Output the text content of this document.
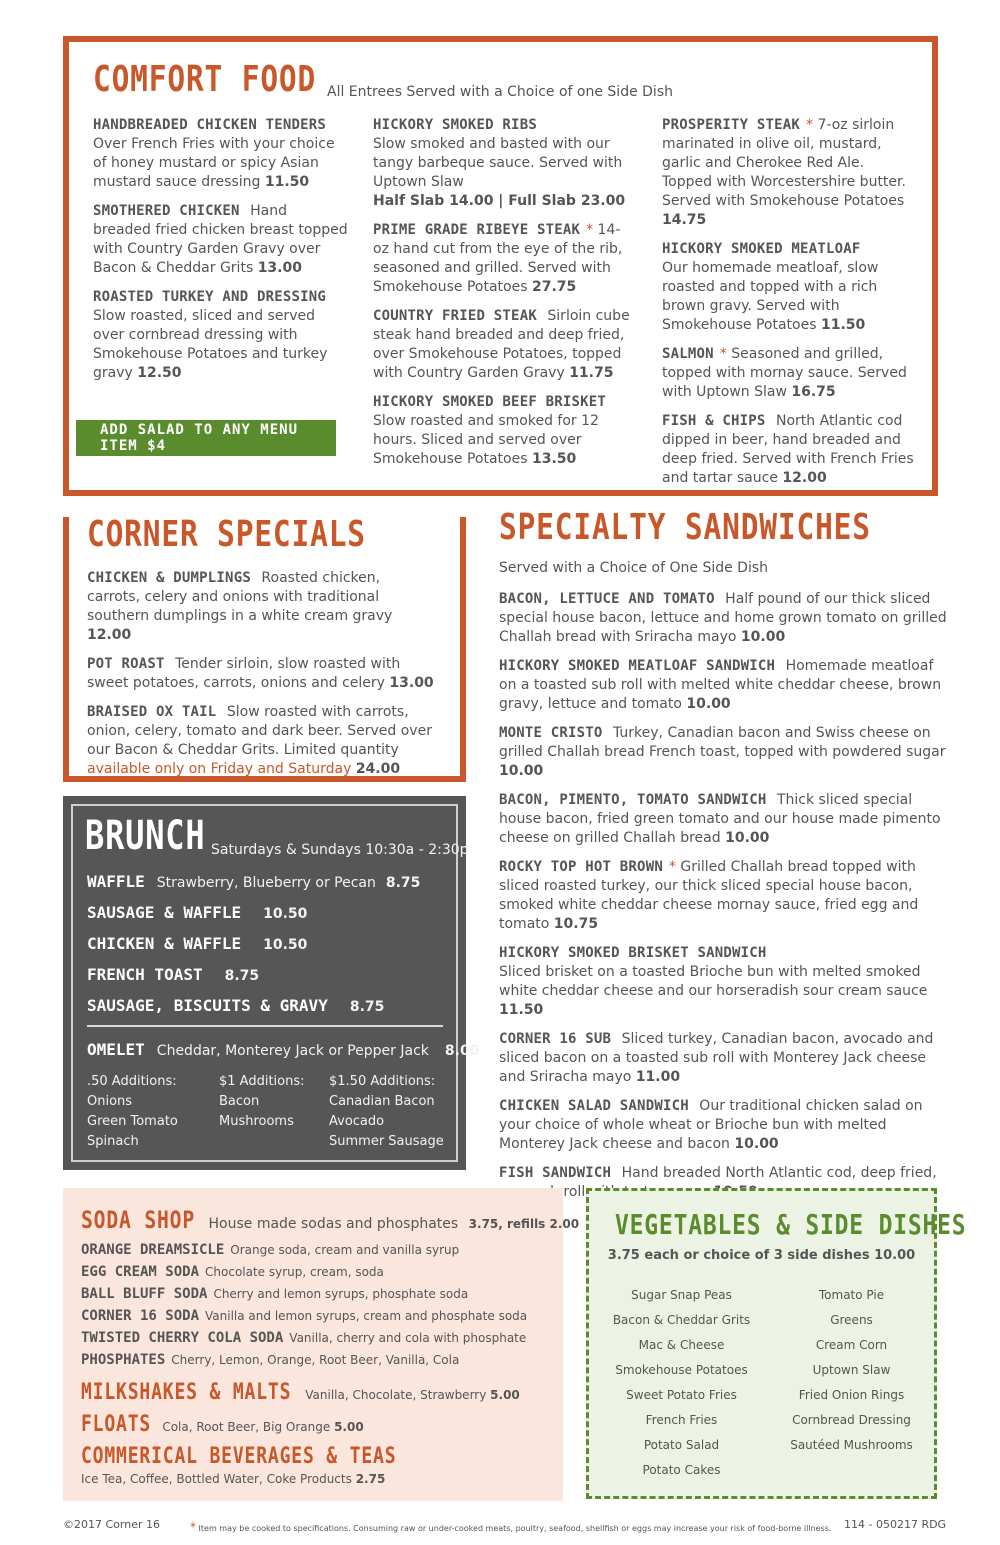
COMFORT FOOD All Entrees Served with a Choice of one Side Dish

HANDBREADED CHICKEN TENDERS
Over French Fries with your choice of honey mustard or spicy Asian mustard sauce dressing 11.50

SMOTHERED CHICKEN Hand breaded fried chicken breast topped with Country Garden Gravy over Bacon & Cheddar Grits 13.00

ROASTED TURKEY AND DRESSING
Slow roasted, sliced and served over cornbread dressing with Smokehouse Potatoes and turkey gravy 12.50

HICKORY SMOKED RIBS
Slow smoked and basted with our tangy barbeque sauce. Served with Uptown Slaw
Half Slab 14.00 | Full Slab 23.00

PRIME GRADE RIBEYE STEAK * 14-oz hand cut from the eye of the rib, seasoned and grilled. Served with Smokehouse Potatoes 27.75

COUNTRY FRIED STEAK Sirloin cube steak hand breaded and deep fried, over Smokehouse Potatoes, topped with Country Garden Gravy 11.75

HICKORY SMOKED BEEF BRISKET
Slow roasted and smoked for 12 hours. Sliced and served over Smokehouse Potatoes 13.50

PROSPERITY STEAK * 7-oz sirloin marinated in olive oil, mustard, garlic and Cherokee Red Ale. Topped with Worcestershire butter. Served with Smokehouse Potatoes 14.75

HICKORY SMOKED MEATLOAF
Our homemade meatloaf, slow roasted and topped with a rich brown gravy. Served with Smokehouse Potatoes 11.50

SALMON * Seasoned and grilled, topped with mornay sauce. Served with Uptown Slaw 16.75

FISH & CHIPS North Atlantic cod dipped in beer, hand breaded and deep fried. Served with French Fries and tartar sauce 12.00

ADD SALAD TO ANY MENU ITEM $4
CORNER SPECIALS

CHICKEN & DUMPLINGS Roasted chicken, carrots, celery and onions with traditional southern dumplings in a white cream gravy 12.00

POT ROAST Tender sirloin, slow roasted with sweet potatoes, carrots, onions and celery 13.00

BRAISED OX TAIL Slow roasted with carrots, onion, celery, tomato and dark beer. Served over our Bacon & Cheddar Grits. Limited quantity available only on Friday and Saturday 24.00

BRUNCH Saturdays & Sundays 10:30a - 2:30p
WAFFLE Strawberry, Blueberry or Pecan 8.75
SAUSAGE & WAFFLE 10.50
CHICKEN & WAFFLE 10.50
FRENCH TOAST 8.75
SAUSAGE, BISCUITS & GRAVY 8.75
OMELET Cheddar, Monterey Jack or Pepper Jack 8.00
.50 Additions:
Onions
Green Tomato
Spinach
$1 Additions:
Bacon
Mushrooms
$1.50 Additions:
Canadian Bacon
Avocado
Summer Sausage
SPECIALTY SANDWICHES
Served with a Choice of One Side Dish

BACON, LETTUCE AND TOMATO Half pound of our thick sliced special house bacon, lettuce and home grown tomato on grilled Challah bread with Sriracha mayo 10.00

HICKORY SMOKED MEATLOAF SANDWICH Homemade meatloaf on a toasted sub roll with melted white cheddar cheese, brown gravy, lettuce and tomato 10.00

MONTE CRISTO Turkey, Canadian bacon and Swiss cheese on grilled Challah bread French toast, topped with powdered sugar 10.00

BACON, PIMENTO, TOMATO SANDWICH Thick sliced special house bacon, fried green tomato and our house made pimento cheese on grilled Challah bread 10.00

ROCKY TOP HOT BROWN * Grilled Challah bread topped with sliced roasted turkey, our thick sliced special house bacon, smoked white cheddar cheese mornay sauce, fried egg and tomato 10.75

HICKORY SMOKED BRISKET SANDWICH
Sliced brisket on a toasted Brioche bun with melted smoked white cheddar cheese and our horseradish sour cream sauce 11.50

CORNER 16 SUB Sliced turkey, Canadian bacon, avocado and sliced bacon on a toasted sub roll with Monterey Jack cheese and Sriracha mayo 11.00

CHICKEN SALAD SANDWICH Our traditional chicken salad on your choice of whole wheat or Brioche bun with melted Monterey Jack cheese and bacon 10.00

FISH SANDWICH Hand breaded North Atlantic cod, deep fried, roll

SODA SHOP House made sodas and phosphates 3.75, refills 2.00
ORANGE DREAMSICLE Orange soda, cream and vanilla syrup
EGG CREAM SODA Chocolate syrup, cream, soda
BALL BLUFF SODA Cherry and lemon syrups, phosphate soda
CORNER 16 SODA Vanilla and lemon syrups, cream and phosphate soda
TWISTED CHERRY COLA SODA Vanilla, cherry and cola with phosphate
PHOSPHATES Cherry, Lemon, Orange, Root Beer, Vanilla, Cola
MILKSHAKES & MALTS Vanilla, Chocolate, Strawberry 5.00
FLOATS Cola, Root Beer, Big Orange 5.00
COMMERICAL BEVERAGES & TEAS
Ice Tea, Coffee, Bottled Water, Coke Products 2.75
VEGETABLES & SIDE DISHES
3.75 each or choice of 3 side dishes 10.00
Sugar Snap Peas
Bacon & Cheddar Grits
Mac & Cheese
Smokehouse Potatoes
Sweet Potato Fries
French Fries
Potato Salad
Potato Cakes
Tomato Pie
Greens
Cream Corn
Uptown Slaw
Fried Onion Rings
Cornbread Dressing
Sautéed Mushrooms
©2017 Corner 16	* Item may be cooked to specifications. Consuming raw or under-cooked meats, poultry, seafood, shellfish or eggs may increase your risk of food-borne illness. 114 - 050217 RDG
